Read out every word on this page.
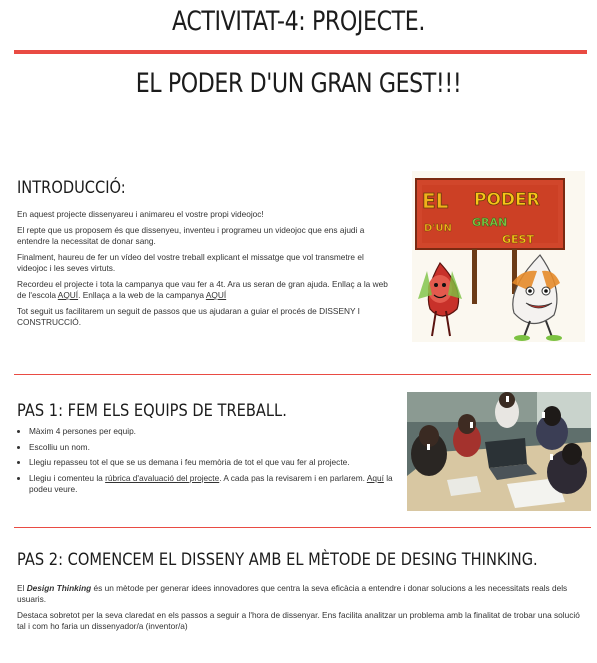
ACTIVITAT-4: PROJECTE.
EL PODER D'UN GRAN GEST!!!
INTRODUCCIÓ:

En aquest projecte dissenyareu i animareu el vostre propi videojoc!

El repte que us proposem és que dissenyeu, inventeu i programeu un videojoc que ens ajudi a entendre la necessitat de donar sang.

Finalment, haureu de fer un vídeo del vostre treball explicant el missatge que vol transmetre el videojoc i les seves virtuts.

Recordeu el projecte i tota la campanya que vau fer a 4t. Ara us seran de gran ajuda. Enllaç a la web de l'escola AQUÍ. Enllaça a la web de la campanya AQUÍ

Tot seguit us facilitarem un seguit de passos que us ajudaran a guiar el procés de DISSENY I CONSTRUCCIÓ.

EL PODER
D'UN GRAN
GEST
PAS 1: FEM ELS EQUIPS DE TREBALL.
• Màxim 4 persones per equip.
• Escolliu un nom.
• Llegiu repasseu tot el que se us demana i feu memòria de tot el que vau fer al projecte.
• Llegiu i comenteu la rúbrica d'avaluació del projecte. A cada pas la revisarem i en parlarem. Aquí la podeu veure.
PAS 2: COMENCEM EL DISSENY AMB EL MÈTODE DE DESING THINKING.

El Design Thinking és un mètode per generar idees innovadores que centra la seva eficàcia a entendre i donar solucions a les necessitats reals dels usuaris.

Destaca sobretot per la seva claredat en els passos a seguir a l'hora de dissenyar. Ens facilita analitzar un problema amb la finalitat de trobar una solució tal i com ho faria un dissenyador/a (inventor/a)
